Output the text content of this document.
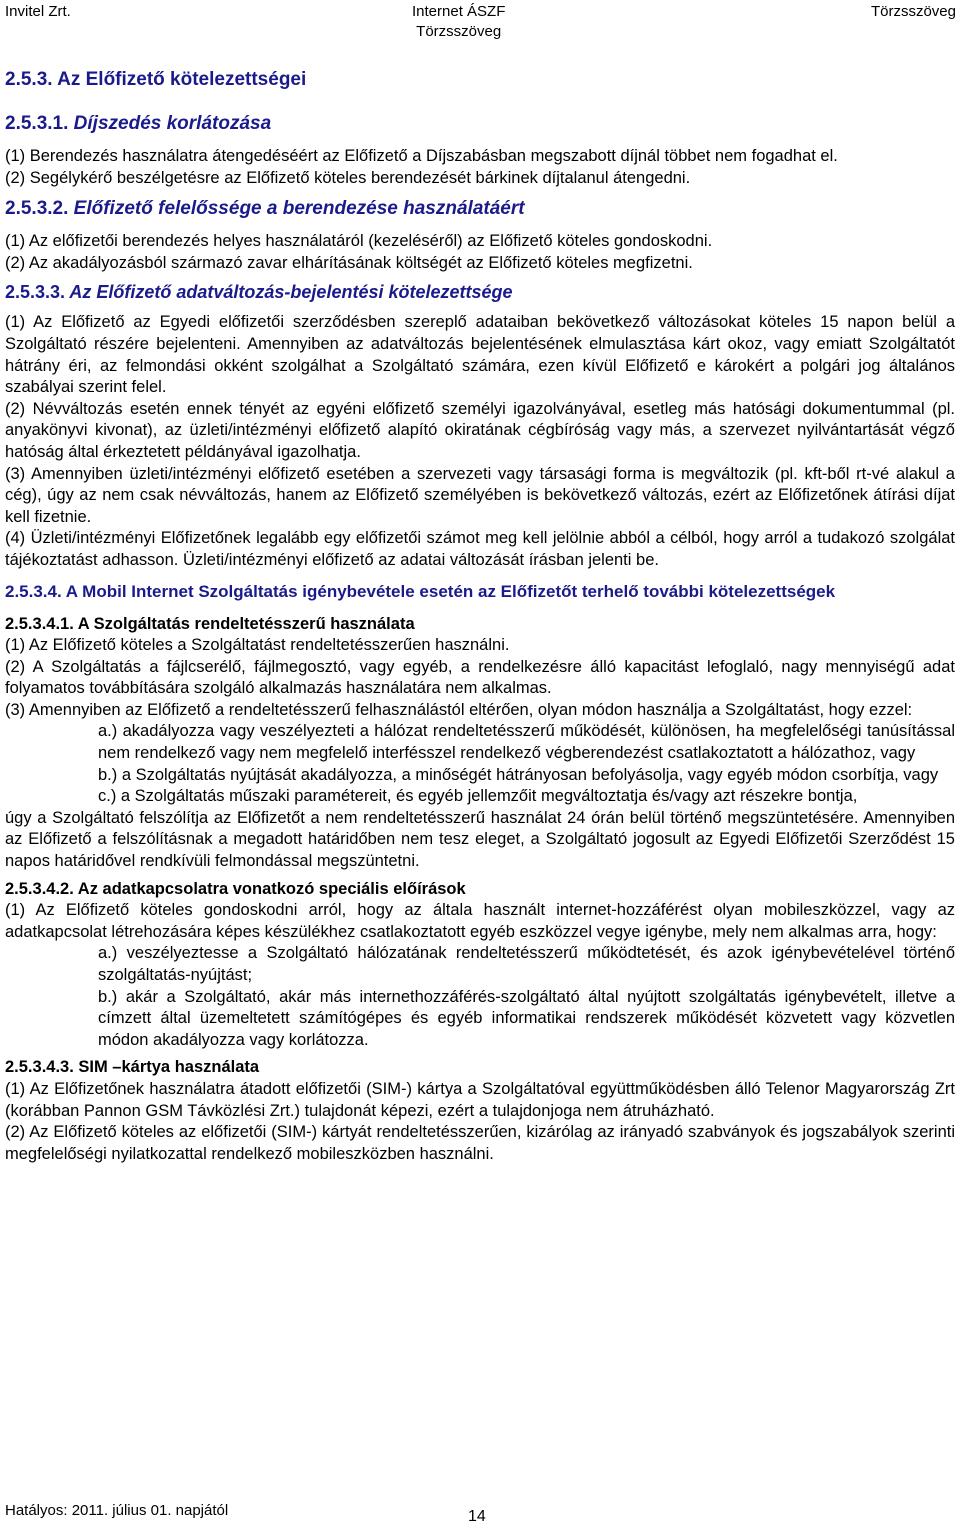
Invitel Zrt.	Internet ÁSZF
Törzsszöveg
Törzsszöveg
2.5.3. Az Előfizető kötelezettségei
2.5.3.1. Díjszedés korlátozása

(1) Berendezés használatra átengedéséért az Előfizető a Díjszabásban megszabott díjnál többet nem fogadhat el.

(2) Segélykérő beszélgetésre az Előfizető köteles berendezését bárkinek díjtalanul átengedni.

2.5.3.2. Előfizető felelőssége a berendezése használatáért

(1) Az előfizetői berendezés helyes használatáról (kezeléséről) az Előfizető köteles gondoskodni.

(2) Az akadályozásból származó zavar elhárításának költségét az Előfizető köteles megfizetni.

2.5.3.3. Az Előfizető adatváltozás-bejelentési kötelezettsége

(1) Az Előfizető az Egyedi előfizetői szerződésben szereplő adataiban bekövetkező változásokat köteles 15 napon belül a Szolgáltató részére bejelenteni. Amennyiben az adatváltozás bejelentésének elmulasztása kárt okoz, vagy emiatt Szolgáltatót hátrány éri, az felmondási okként szolgálhat a Szolgáltató számára, ezen kívül Előfizető e károkért a polgári jog általános szabályai szerint felel.

(2) Névváltozás esetén ennek tényét az egyéni előfizető személyi igazolványával, esetleg más hatósági dokumentummal (pl. anyakönyvi kivonat), az üzleti/intézményi előfizető alapító okiratának cégbíróság vagy más, a szervezet nyilvántartását végző hatóság által érkeztetett példányával igazolhatja.

(3) Amennyiben üzleti/intézményi előfizető esetében a szervezeti vagy társasági forma is megváltozik (pl. kft-ből rt-vé alakul a cég), úgy az nem csak névváltozás, hanem az Előfizető személyében is bekövetkező változás, ezért az Előfizetőnek átírási díjat kell fizetnie.

(4) Üzleti/intézményi Előfizetőnek legalább egy előfizetői számot meg kell jelölnie abból a célból, hogy arról a tudakozó szolgálat tájékoztatást adhasson. Üzleti/intézményi előfizető az adatai változását írásban jelenti be.

2.5.3.4. A Mobil Internet Szolgáltatás igénybevétele esetén az Előfizetőt terhelő további kötelezettségek
2.5.3.4.1. A Szolgáltatás rendeltetésszerű használata

(1) Az Előfizető köteles a Szolgáltatást rendeltetésszerűen használni.

(2) A Szolgáltatás a fájlcserélő, fájlmegosztó, vagy egyéb, a rendelkezésre álló kapacitást lefoglaló, nagy mennyiségű adat folyamatos továbbítására szolgáló alkalmazás használatára nem alkalmas.

(3) Amennyiben az Előfizető a rendeltetésszerű felhasználástól eltérően, olyan módon használja a Szolgáltatást, hogy ezzel:

a.) akadályozza vagy veszélyezteti a hálózat rendeltetésszerű működését, különösen, ha megfelelőségi tanúsítással nem rendelkező vagy nem megfelelő interfésszel rendelkező végberendezést csatlakoztatott a hálózathoz, vagy

b.) a Szolgáltatás nyújtását akadályozza, a minőségét hátrányosan befolyásolja, vagy egyéb módon csorbítja, vagy

c.) a Szolgáltatás műszaki paramétereit, és egyéb jellemzőit megváltoztatja és/vagy azt részekre bontja,

úgy a Szolgáltató felszólítja az Előfizetőt a nem rendeltetésszerű használat 24 órán belül történő megszüntetésére. Amennyiben az Előfizető a felszólításnak a megadott határidőben nem tesz eleget, a Szolgáltató jogosult az Egyedi Előfizetői Szerződést 15 napos határidővel rendkívüli felmondással megszüntetni.

2.5.3.4.2. Az adatkapcsolatra vonatkozó speciális előírások

(1) Az Előfizető köteles gondoskodni arról, hogy az általa használt internet-hozzáférést olyan mobileszközzel, vagy az adatkapcsolat létrehozására képes készülékhez csatlakoztatott egyéb eszközzel vegye igénybe, mely nem alkalmas arra, hogy:

a.) veszélyeztesse a Szolgáltató hálózatának rendeltetésszerű működtetését, és azok igénybevételével történő szolgáltatás-nyújtást;

b.) akár a Szolgáltató, akár más internethozzáférés-szolgáltató által nyújtott szolgáltatás igénybevételt, illetve a címzett által üzemeltetett számítógépes és egyéb informatikai rendszerek működését közvetett vagy közvetlen módon akadályozza vagy korlátozza.

2.5.3.4.3. SIM –kártya használata

(1) Az Előfizetőnek használatra átadott előfizetői (SIM-) kártya a Szolgáltatóval együttműködésben álló Telenor Magyarország Zrt (korábban Pannon GSM Távközlési Zrt.) tulajdonát képezi, ezért a tulajdonjoga nem átruházható.

(2) Az Előfizető köteles az előfizetői (SIM-) kártyát rendeltetésszerűen, kizárólag az irányadó szabványok és jogszabályok szerinti megfelelőségi nyilatkozattal rendelkező mobileszközben használni.

Hatályos: 2011. július 01. napjától	14
